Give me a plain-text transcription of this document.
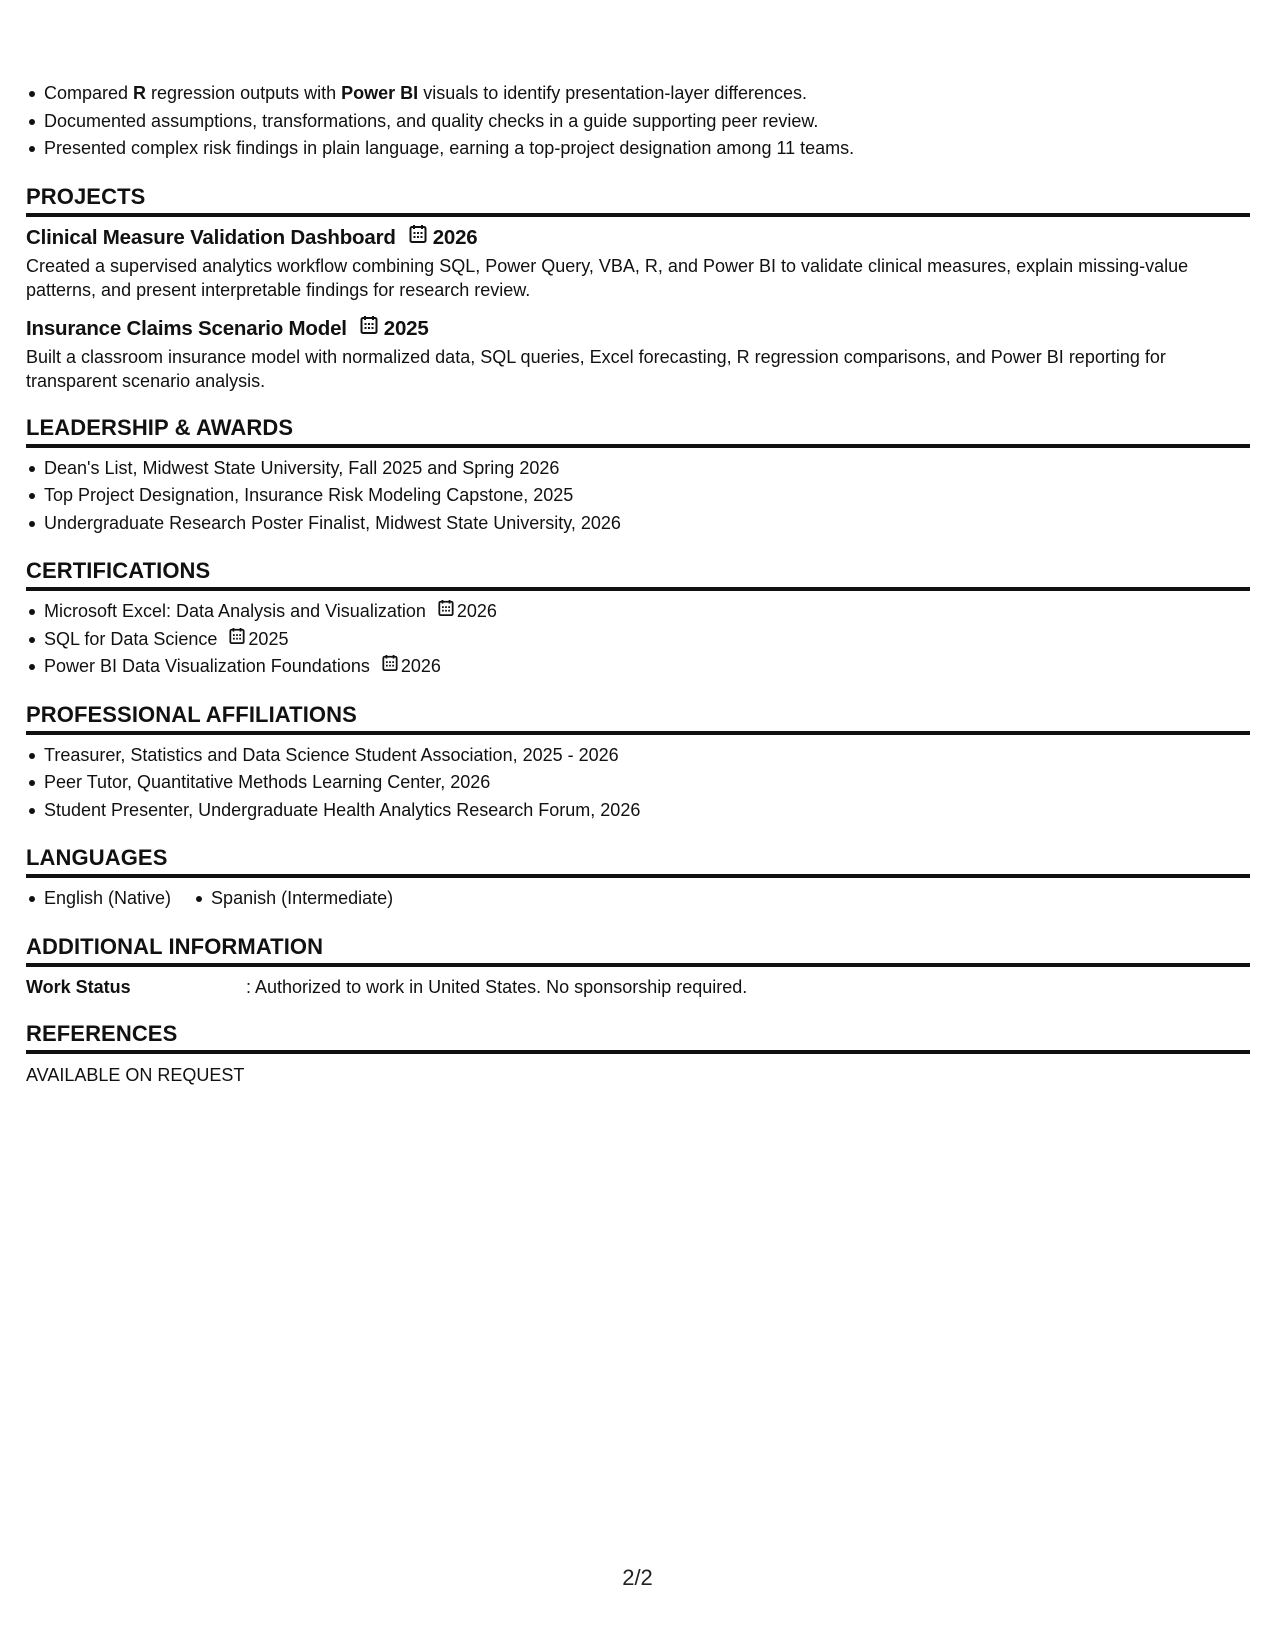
Compared R regression outputs with Power BI visuals to identify presentation-layer differences.
Documented assumptions, transformations, and quality checks in a guide supporting peer review.
Presented complex risk findings in plain language, earning a top-project designation among 11 teams.
PROJECTS
Clinical Measure Validation Dashboard 2026
Created a supervised analytics workflow combining SQL, Power Query, VBA, R, and Power BI to validate clinical measures, explain missing-value patterns, and present interpretable findings for research review.
Insurance Claims Scenario Model 2025
Built a classroom insurance model with normalized data, SQL queries, Excel forecasting, R regression comparisons, and Power BI reporting for transparent scenario analysis.
LEADERSHIP & AWARDS
Dean's List, Midwest State University, Fall 2025 and Spring 2026
Top Project Designation, Insurance Risk Modeling Capstone, 2025
Undergraduate Research Poster Finalist, Midwest State University, 2026
CERTIFICATIONS
Microsoft Excel: Data Analysis and Visualization 2026
SQL for Data Science 2025
Power BI Data Visualization Foundations 2026
PROFESSIONAL AFFILIATIONS
Treasurer, Statistics and Data Science Student Association, 2025 - 2026
Peer Tutor, Quantitative Methods Learning Center, 2026
Student Presenter, Undergraduate Health Analytics Research Forum, 2026
LANGUAGES
English (Native) Spanish (Intermediate)
ADDITIONAL INFORMATION
Work Status	: Authorized to work in United States. No sponsorship required.
REFERENCES
AVAILABLE ON REQUEST
2/2
